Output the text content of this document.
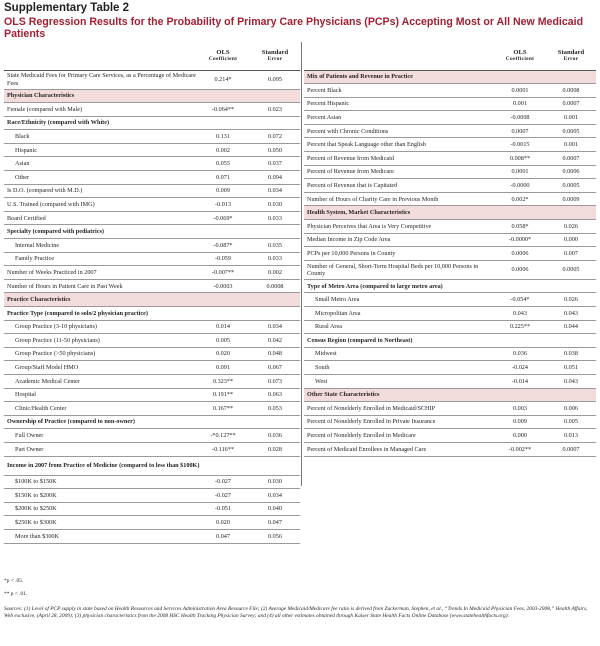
Supplementary Table 2
OLS Regression Results for the Probability of Primary Care Physicians (PCPs) Accepting Most or All New Medicaid Patients

	OLS
Coefficient	Standard
Error

State Medicaid Fees for Primary Care Services, as a Percentage of Medicare Fees	0.214*	0.095
Physician Characteristics		
Female (compared with Male)	-0.064**	0.023
Race/Ethnicity (compared with White)		
Black	0.131	0.072
Hispanic	0.002	0.050
Asian	0.055	0.037
Other	0.071	0.094
Is D.O. (compared with M.D.)	0.009	0.034
U.S. Trained (compared with IMG)	-0.013	0.030
Board Certified	-0.069*	0.033
Specialty (compared with pediatrics)		
Internal Medicine	-0.087*	0.035
Family Practice	-0.059	0.033
Number of Weeks Practiced in 2007	-0.007**	0.002
Number of Hours in Patient Care in Past Week	-0.0003	0.0008
Practice Characteristics		
Practice Type (compared to solo/2 physician practice)		
Group Practice (3-10 physicians)	0.014	0.034
Group Practice (11-50 physicians)	0.005	0.042
Group Practice (>50 physicians)	0.020	0.048
Group/Staff Model HMO	0.091	0.067
Academic Medical Center	0.323**	0.073
Hospital	0.191**	0.063
Clinic/Health Center	0.167**	0.053
Ownership of Practice (compared to non-owner)		
Full Owner	-*0.127**	0.036
Part Owner	-0.116**	0.028
Income in 2007 from Practice of Medicine (compared to less than $100K)		
$100K to $150K	-0.027	0.030
$150K to $200K	-0.027	0.034
$200K to $250K	-0.051	0.040
$250K to $300K	0.020	0.047
More than $300K	0.047	0.056

	OLS
Coefficient	Standard
Error

Mix of Patients and Revenue in Practice		
Percent Black	0.0001	0.0008
Percent Hispanic	0.001	0.0007
Percent Asian	-0.0008	0.001
Percent with Chronic Conditions	0.0007	0.0005
Percent that Speak Language other than English	-0.0015	0.001
Percent of Revenue from Medicaid	0.008**	0.0007
Percent of Revenue from Medicare	0.0001	0.0006
Percent of Revenue that is Capitated	-0.0000	0.0005
Number of Hours of Charity Care in Previous Month	0.002*	0.0009
Health System, Market Characteristics		
Physician Perceives that Area is Very Competitive	0.058*	0.026
Median Income in Zip Code Area	-0.0000*	0.000
PCPs per 10,000 Persons in County	0.0006	0.007
Number of General, Short-Term Hospital Beds per 10,000 Persons in County	0.0006	0.0005
Type of Metro Area (compared to large metro area)		
Small Metro Area	-0.054*	0.026
Micropolitan Area	0.043	0.043
Rural Area	0.225**	0.044
Census Region (compared to Northeast)		
Midwest	0.036	0.038
South	-0.024	0.051
West	-0.014	0.043
Other State Characteristics		
Percent of Nonelderly Enrolled in Medicaid/SCHIP	0.003	0.006
Percent of Nonelderly Enrolled in Private Insurance	0.009	0.005
Percent of Nonelderly Enrolled in Medicare	0.000	0.013
Percent of Medicaid Enrollees in Managed Care	-0.002**	0.0007
*p < .05.
** p < .01.
Sources: (1) Level of PCP supply in state based on Health Resources and Services Administration Area Resource File; (2) Average Medicaid/Medicare fee ratio is derived from Zuckerman, Stephen, et al., “Trends In Medicaid Physician Fees, 2003-2008,” Health Affairs, Web exclusive, (April 28, 2009); (3) physician characteristics from the 2008 HSC Health Tracking Physician Survey; and (4) all other estimates obtained through Kaiser State Health Facts Online Database (www.statehealthfacts.org).
